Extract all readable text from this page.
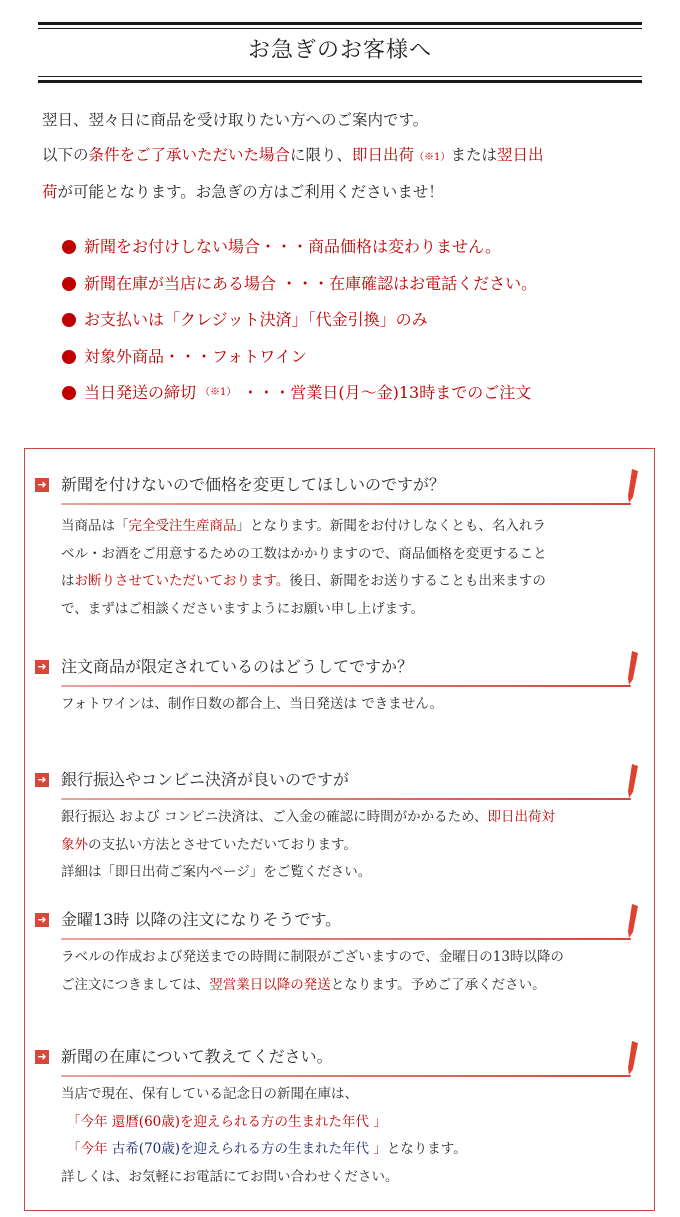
お急ぎのお客様へ

翌日、翌々日に商品を受け取りたい方へのご案内です。

以下の条件をご了承いただいた場合に限り、即日出荷（※1）または翌日出

荷が可能となります。お急ぎの方はご利用くださいませ！

新聞をお付けしない場合・・・商品価格は変わりません。
新聞在庫が当店にある場合 ・・・在庫確認はお電話ください。
お支払いは「クレジット決済」「代金引換」のみ
対象外商品・・・フォトワイン
当日発送の締切 （※1） ・・・営業日(月～金)13時までのご注文
➜ 新聞を付けないので価格を変更してほしいのですが？

当商品は「完全受注生産商品」となります。新聞をお付けしなくとも、名入れラ

ベル・お酒をご用意するための工数はかかりますので、商品価格を変更すること

はお断りさせていただいております。後日、新聞をお送りすることも出来ますの

で、まずはご相談くださいますようにお願い申し上げます。

➜ 注文商品が限定されているのはどうしてですか？

フォトワインは、制作日数の都合上、当日発送は できません。

➜ 銀行振込やコンビニ決済が良いのですが

銀行振込 および コンビニ決済は、ご入金の確認に時間がかかるため、即日出荷対

象外の支払い方法とさせていただいております。

詳細は「即日出荷ご案内ページ」をご覧ください。

➜ 金曜13時 以降の注文になりそうです。

ラベルの作成および発送までの時間に制限がございますので、金曜日の13時以降の

ご注文につきましては、翌営業日以降の発送となります。予めご了承ください。

➜ 新聞の在庫について教えてください。

当店で現在、保有している記念日の新聞在庫は、

「今年 還暦(60歳)を迎えられる方の生まれた年代 」

「今年 古希(70歳)を迎えられる方の生まれた年代 」となります。

詳しくは、お気軽にお電話にてお問い合わせください。
